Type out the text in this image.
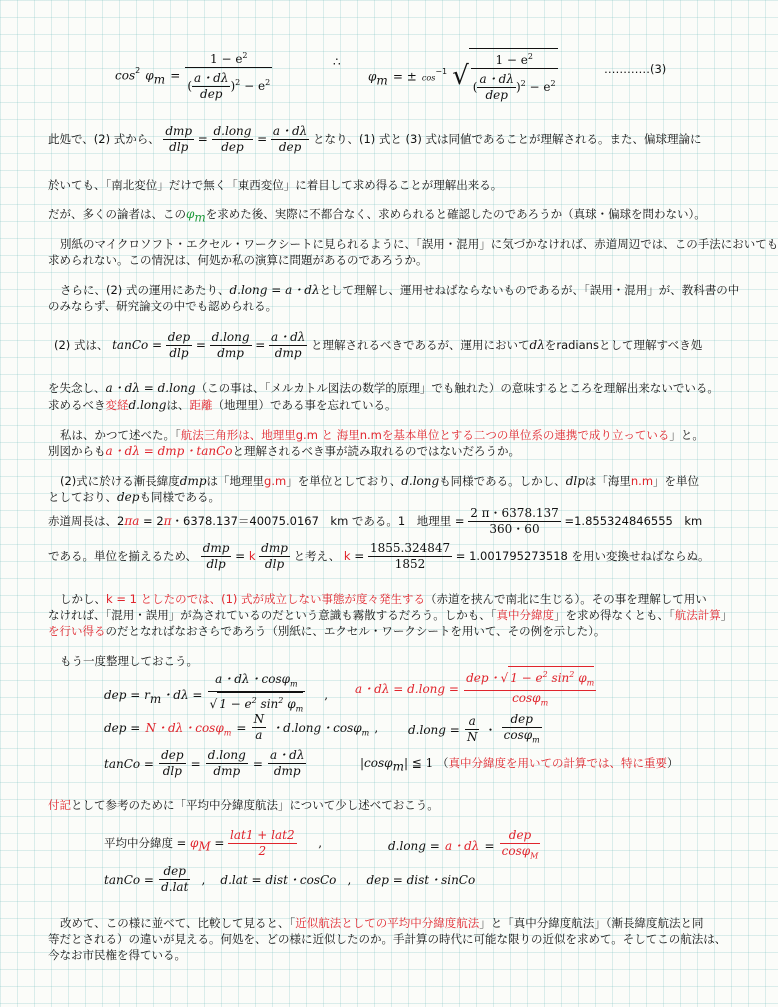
$\cos^2 \varphi_m = \frac{1 - e^2}{( \frac{a・d\lambda}{\text{dep}} )^2 - e^2}$	∴
$\varphi_m$ = ± $\cos^{-1}$ √ $\frac{1 - e^2}{( \frac{a・d\lambda}{\text{dep}} )^2 - e^2}$	…………(3)
此処で、(2) 式から、 $\frac{\text{dmp}}{\text{dlp}} = \frac{\text{d.long}}{\text{dep}} = \frac{a・d\lambda}{\text{dep}}$ となり、(1) 式と (3) 式は同値であることが理解される。また、偏球理論に
於いても、「南北変位」だけで無く「東西変位」に着目して求め得ることが理解出来る。
だが、多くの論者は、この$\varphi_m$を求めた後、実際に不都合なく、求められると確認したのであろうか（真球・偏球を問わない）。
別紙のマイクロソフト・エクセル・ワークシートに見られるように、「誤用・混用」に気づかなければ、赤道周辺では、この手法においても
求められない。この情況は、何処か私の演算に問題があるのであろうか。
さらに、(2) 式の運用にあたり、d.long = a・dλとして理解し、運用せねばならないものであるが、「誤用・混用」が、教科書の中
のみならず、研究論文の中でも認められる。
(2) 式は、 tanCo = $\frac{\text{dep}}{\text{dlp}} = \frac{\text{d.long}}{\text{dmp}} = \frac{a・d\lambda}{\text{dmp}}$ と理解されるべきであるが、運用においてdλをradiansとして理解すべき処
を失念し、a・dλ = d.long（この事は、「メルカトル図法の数学的原理」でも触れた）の意味するところを理解出来ないでいる。
求めるべき変経d.longは、距離（地理里）である事を忘れている。
私は、かつて述べた。「航法三角形は、地理里g.m と 海里n.mを基本単位とする二つの単位系の連携で成り立っている」と。
別図からもa・dλ = dmp・tanCoと理解されるべき事が読み取れるのではないだろうか。
(2)式に於ける漸長緯度dmpは「地理里g.m」を単位としており、d.longも同様である。しかし、dlpは「海里n.m」を単位
としており、depも同様である。
赤道周長は、2πa = 2π・6378.137＝40075.0167　km である。1　地理里 = $\frac{2 \pi・6378.137}{360・60} =1.855324846555$　km
である。単位を揃えるため、 $\frac{\text{dmp}}{\text{dlp}} = k \frac{\text{dmp}}{\text{dlp}}$ と考え、 $k = \frac{1855.324847}{1852} = 1.001795273518$ を用い変換せねばならぬ。
しかし、k = 1 としたのでは、(1) 式が成立しない事態が度々発生する（赤道を挟んで南北に生じる）。その事を理解して用い
なければ、「混用・誤用」が為されているのだという意識も霧散するだろう。しかも、「真中分緯度」を求め得なくとも、「航法計算」
を行い得るのだとなればなおさらであろう（別紙に、エクセル・ワークシートを用いて、その例を示した）。
もう一度整理しておこう。
dep = $r_m$・$d\lambda = \frac{a・d\lambda・\cos\varphi_m}{√ 1 - e^2 \sin^2 \varphi_m}$ , a・dλ = d.long = $\frac{dep・√ 1 - e^2 \sin^2 \varphi_m}{\cos\varphi_m}$
dep = N・dλ・$\cos\varphi_m = \frac{N}{a}$ ・d.long・cosφ$_m$ , d.long = $\frac{a}{N}$ ・ $\frac{\text{dep}}{\cos\varphi_m}$
tanCo = $\frac{\text{dep}}{\text{dlp}} = \frac{\text{d.long}}{\text{dmp}} = \frac{a・d\lambda}{\text{dmp}}$	|cosφ$_m$| ≦ 1 （真中分緯度を用いての計算では、特に重要）
付記として参考のために「平均中分緯度航法」について少し述べておこう。
平均中分緯度 = $\varphi_M = \frac{\text{lat1 + lat2}}{2}$ ,	d.long = a・$d\lambda = \frac{\text{dep}}{\cos\varphi_M}$
tanCo = $\frac{\text{dep}}{\text{d.lat}}$ , d.lat = dist・cosCo , dep = dist・sinCo
改めて、この様に並べて、比較して見ると、「近似航法としての平均中分緯度航法」と「真中分緯度航法」（漸長緯度航法と同
等だとされる）の違いが見える。何処を、どの様に近似したのか。手計算の時代に可能な限りの近似を求めて。そしてこの航法は、
今なお市民権を得ている。
